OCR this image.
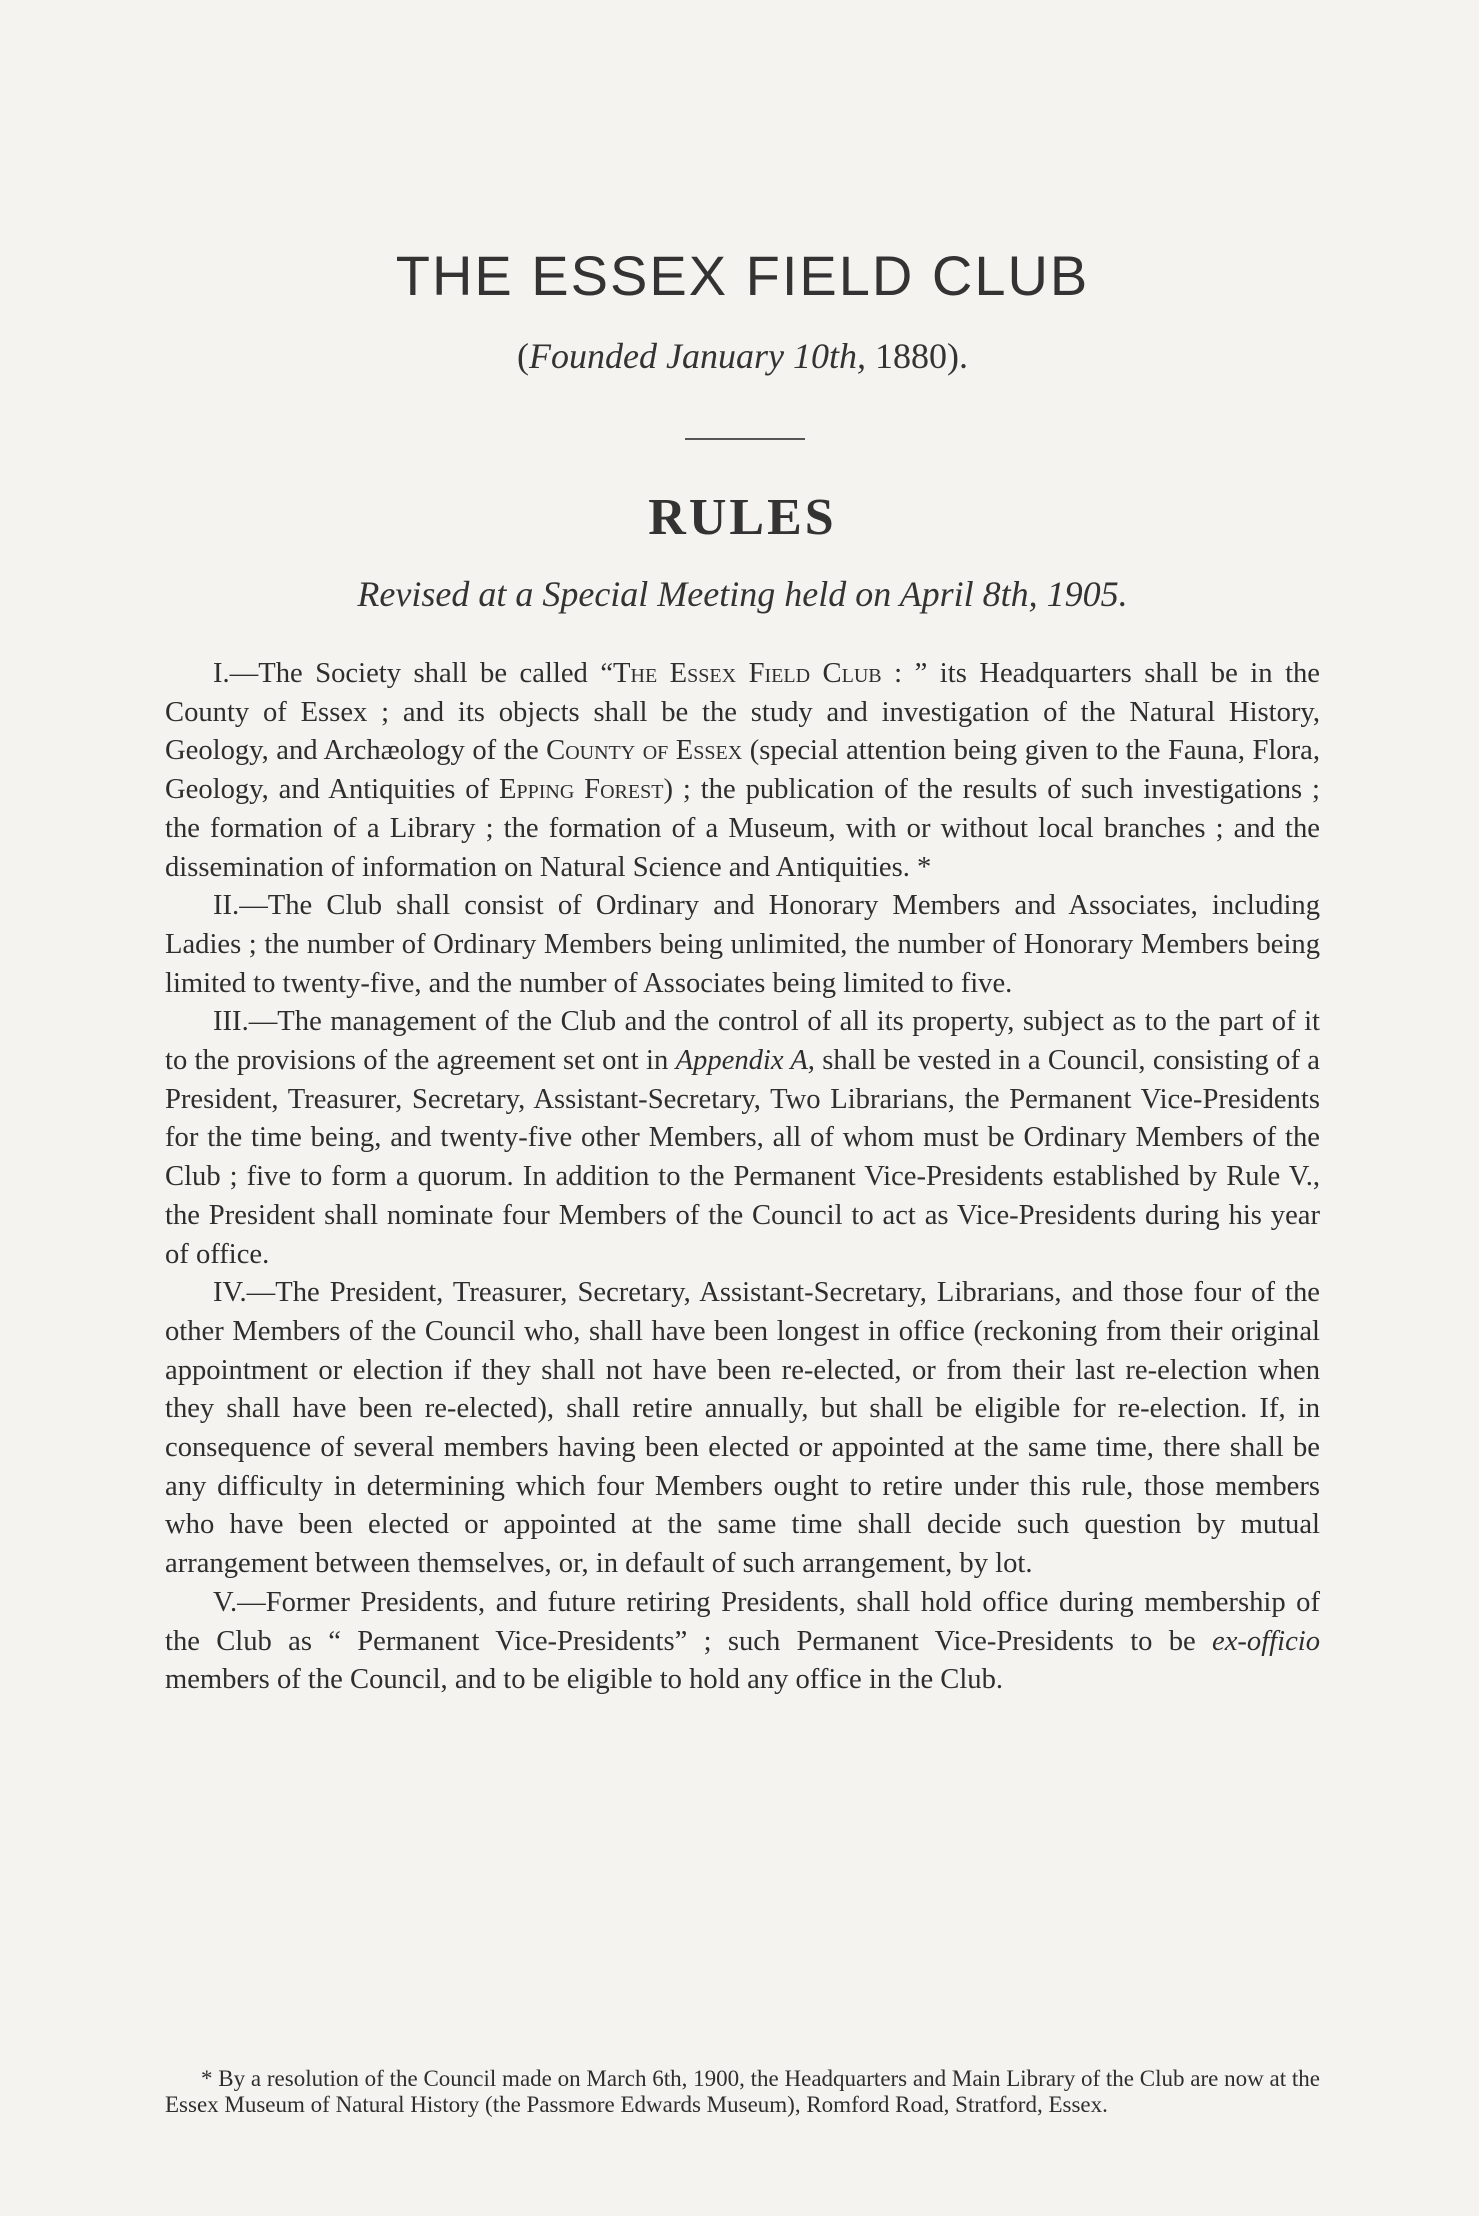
THE ESSEX FIELD CLUB
(Founded January 10th, 1880).
RULES
Revised at a Special Meeting held on April 8th, 1905.

I.—The Society shall be called “The Essex Field Club : ” its Headquarters shall be in the County of Essex ; and its objects shall be the study and investigation of the Natural History, Geology, and Archæology of the County of Essex (special attention being given to the Fauna, Flora, Geology, and Antiquities of Epping Forest) ; the publication of the results of such investigations ; the formation of a Library ; the formation of a Museum, with or without local branches ; and the dissemination of information on Natural Science and Antiquities. *

II.—The Club shall consist of Ordinary and Honorary Members and Associates, including Ladies ; the number of Ordinary Members being unlimited, the number of Honorary Members being limited to twenty-five, and the number of Associates being limited to five.

III.—The management of the Club and the control of all its property, subject as to the part of it to the provisions of the agreement set ont in Appendix A, shall be vested in a Council, consisting of a President, Treasurer, Secretary, Assistant-Secretary, Two Librarians, the Permanent Vice-Presidents for the time being, and twenty-five other Members, all of whom must be Ordinary Members of the Club ; five to form a quorum. In addition to the Permanent Vice-Presidents established by Rule V., the President shall nominate four Members of the Council to act as Vice-Presidents during his year of office.

IV.—The President, Treasurer, Secretary, Assistant-Secretary, Librarians, and those four of the other Members of the Council who, shall have been longest in office (reckoning from their original appointment or election if they shall not have been re-elected, or from their last re-election when they shall have been re-elected), shall retire annually, but shall be eligible for re-election. If, in consequence of several members having been elected or appointed at the same time, there shall be any difficulty in determining which four Members ought to retire under this rule, those members who have been elected or appointed at the same time shall decide such question by mutual arrangement between themselves, or, in default of such arrangement, by lot.

V.—Former Presidents, and future retiring Presidents, shall hold office during membership of the Club as “ Permanent Vice-Presidents” ; such Permanent Vice-Presidents to be ex-officio members of the Council, and to be eligible to hold any office in the Club.

* By a resolution of the Council made on March 6th, 1900, the Headquarters and Main Library of the Club are now at the Essex Museum of Natural History (the Passmore Edwards Museum), Romford Road, Stratford, Essex.
